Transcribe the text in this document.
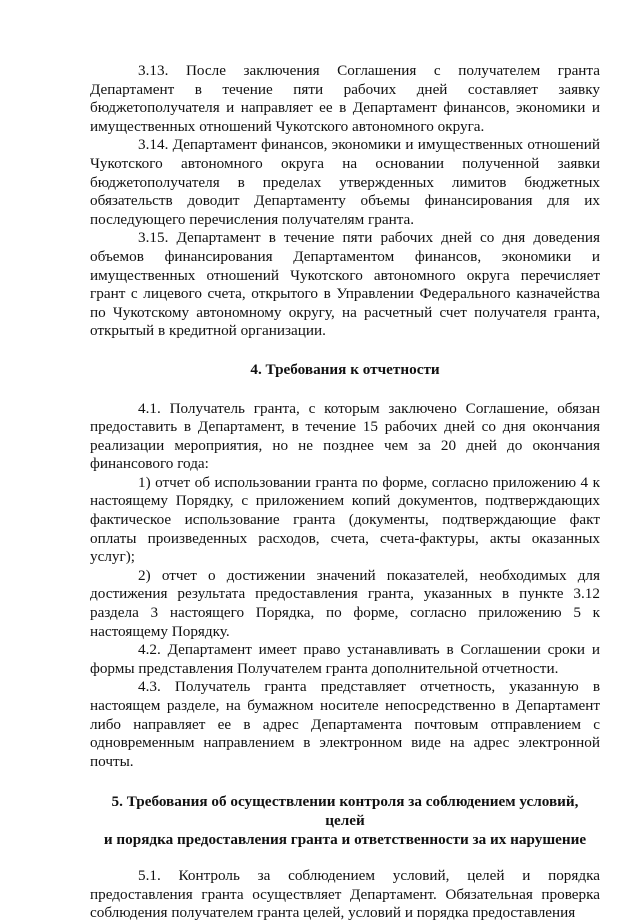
3.13. После заключения Соглашения с получателем гранта Департамент в течение пяти рабочих дней составляет заявку бюджетополучателя и направляет ее в Департамент финансов, экономики и имущественных отношений Чукотского автономного округа.

3.14. Департамент финансов, экономики и имущественных отношений Чукотского автономного округа на основании полученной заявки бюджетополучателя в пределах утвержденных лимитов бюджетных обязательств доводит Департаменту объемы финансирования для их последующего перечисления получателям гранта.

3.15. Департамент в течение пяти рабочих дней со дня доведения объемов финансирования Департаментом финансов, экономики и имущественных отношений Чукотского автономного округа перечисляет грант с лицевого счета, открытого в Управлении Федерального казначейства по Чукотскому автономному округу, на расчетный счет получателя гранта, открытый в кредитной организации.

4. Требования к отчетности

4.1. Получатель гранта, с которым заключено Соглашение, обязан предоставить в Департамент, в течение 15 рабочих дней со дня окончания реализации мероприятия, но не позднее чем за 20 дней до окончания финансового года:

1) отчет об использовании гранта по форме, согласно приложению 4 к настоящему Порядку, с приложением копий документов, подтверждающих фактическое использование гранта (документы, подтверждающие факт оплаты произведенных расходов, счета, счета-фактуры, акты оказанных услуг);

2) отчет о достижении значений показателей, необходимых для достижения результата предоставления гранта, указанных в пункте 3.12 раздела 3 настоящего Порядка, по форме, согласно приложению 5 к настоящему Порядку.

4.2. Департамент имеет право устанавливать в Соглашении сроки и формы представления Получателем гранта дополнительной отчетности.

4.3. Получатель гранта представляет отчетность, указанную в настоящем разделе, на бумажном носителе непосредственно в Департамент либо направляет ее в адрес Департамента почтовым отправлением с одновременным направлением в электронном виде на адрес электронной почты.

5. Требования об осуществлении контроля за соблюдением условий, целей
и порядка предоставления гранта и ответственности за их нарушение

5.1. Контроль за соблюдением условий, целей и порядка предоставления гранта осуществляет Департамент. Обязательная проверка соблюдения получателем гранта целей, условий и порядка предоставления
